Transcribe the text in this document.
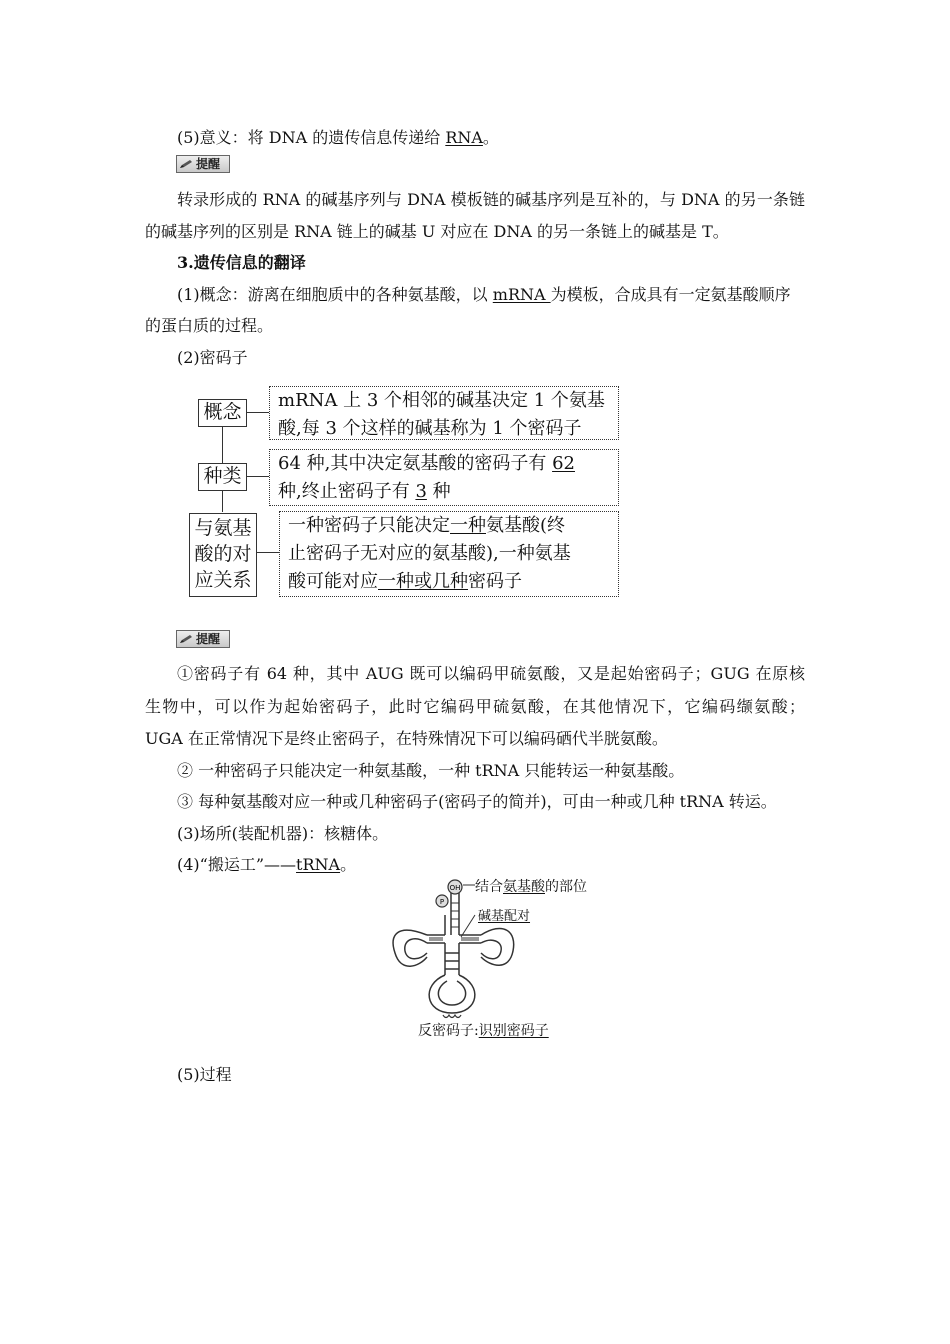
(5)意义：将 DNA 的遗传信息传递给 RNA。
提醒
转录形成的 RNA 的碱基序列与 DNA 模板链的碱基序列是互补的，与 DNA 的另一条链的碱基序列的区别是 RNA 链上的碱基 U 对应在 DNA 的另一条链上的碱基是 T。
3.遗传信息的翻译
(1)概念：游离在细胞质中的各种氨基酸，以 mRNA 为模板，合成具有一定氨基酸顺序
的蛋白质的过程。
(2)密码子
概念
mRNA 上 3 个相邻的碱基决定 1 个氨基
酸,每 3 个这样的碱基称为 1 个密码子
种类
64 种,其中决定氨基酸的密码子有 62
种,终止密码子有 3 种
与氨基
酸的对
应关系
一种密码子只能决定一种氨基酸(终
止密码子无对应的氨基酸),一种氨基
酸可能对应一种或几种密码子
提醒
①密码子有 64 种，其中 AUG 既可以编码甲硫氨酸，又是起始密码子；GUG 在原核
生物中，可以作为起始密码子，此时它编码甲硫氨酸，在其他情况下，它编码缬氨酸；
UGA 在正常情况下是终止密码子，在特殊情况下可以编码硒代半胱氨酸。
② 一种密码子只能决定一种氨基酸，一种 tRNA 只能转运一种氨基酸。
③ 每种氨基酸对应一种或几种密码子(密码子的简并)，可由一种或几种 tRNA 转运。
(3)场所(装配机器)：核糖体。
(4)“搬运工”——tRNA。
OH
P
结合氨基酸的部位
碱基配对
反密码子:识别密码子
(5)过程
